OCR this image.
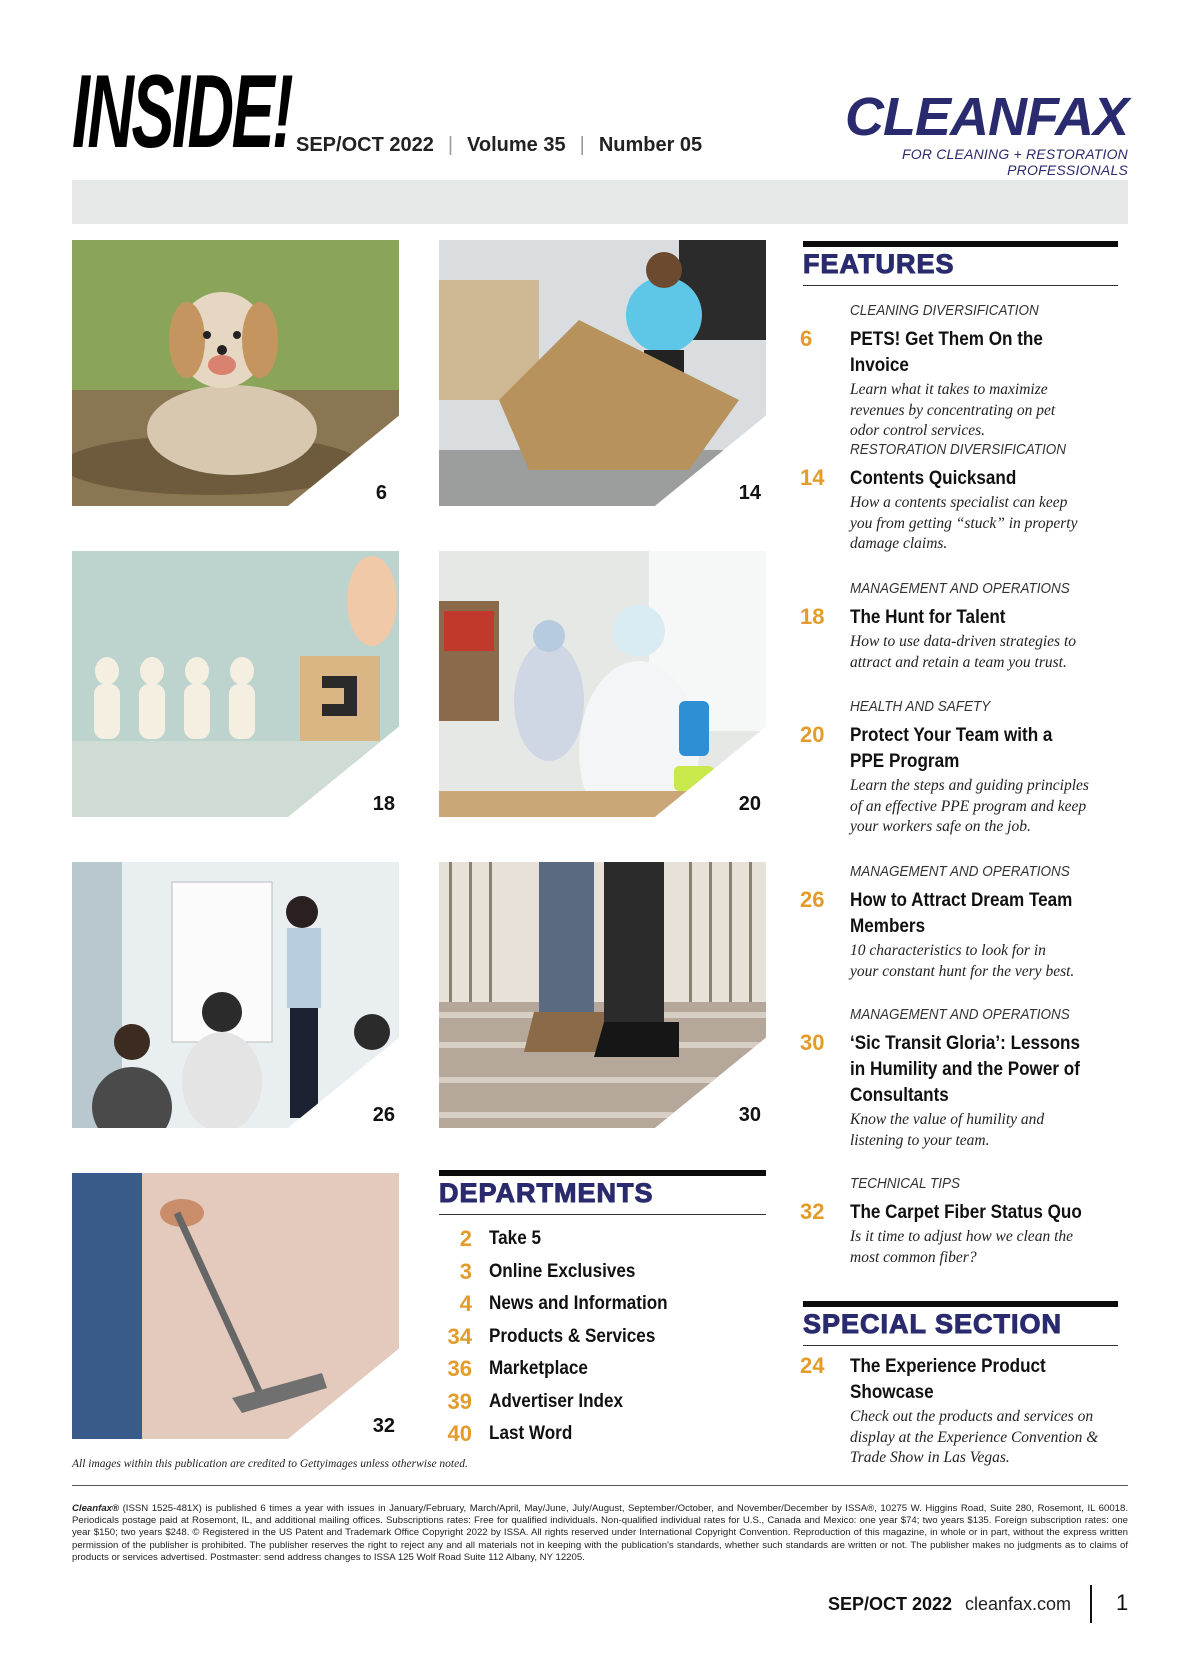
INSIDE! SEP/OCT 2022 | Volume 35 | Number 05	CLEANFAX
FOR CLEANING + RESTORATION PROFESSIONALS
6	14
18	20
26	30
32
FEATURES
CLEANING DIVERSIFICATION
6	PETS! Get Them On the Invoice
Learn what it takes to maximize
revenues by concentrating on pet
odor control services.
RESTORATION DIVERSIFICATION
14	Contents Quicksand
How a contents specialist can keep
you from getting “stuck” in property
damage claims.
MANAGEMENT AND OPERATIONS
18	The Hunt for Talent
How to use data-driven strategies to
attract and retain a team you trust.
HEALTH AND SAFETY
20	Protect Your Team with a
PPE Program
Learn the steps and guiding principles
of an effective PPE program and keep
your workers safe on the job.
MANAGEMENT AND OPERATIONS
26	How to Attract Dream Team
Members
10 characteristics to look for in
your constant hunt for the very best.
MANAGEMENT AND OPERATIONS
30	‘Sic Transit Gloria’: Lessons
in Humility and the Power of
Consultants
Know the value of humility and
listening to your team.
TECHNICAL TIPS
32	The Carpet Fiber Status Quo
Is it time to adjust how we clean the
most common fiber?
SPECIAL SECTION
24	The Experience Product Showcase
Check out the products and services on
display at the Experience Convention &
Trade Show in Las Vegas.
DEPARTMENTS
2 Take 5
3 Online Exclusives
4 News and Information
34 Products & Services
36 Marketplace
39 Advertiser Index
40 Last Word
All images within this publication are credited to Gettyimages unless otherwise noted.
Cleanfax® (ISSN 1525-481X) is published 6 times a year with issues in January/February, March/April, May/June, July/August, September/October, and November/December by ISSA®, 10275 W. Higgins Road, Suite 280, Rosemont, IL 60018. Periodicals postage paid at Rosemont, IL, and additional mailing offices. Subscriptions rates: Free for qualified individuals. Non-qualified individual rates for U.S., Canada and Mexico: one year $74; two years $135. Foreign subscription rates: one year $150; two years $248. © Registered in the US Patent and Trademark Office Copyright 2022 by ISSA. All rights reserved under International Copyright Convention. Reproduction of this magazine, in whole or in part, without the express written permission of the publisher is prohibited. The publisher reserves the right to reject any and all materials not in keeping with the publication's standards, whether such standards are written or not. The publisher makes no judgments as to claims of products or services advertised. Postmaster: send address changes to ISSA 125 Wolf Road Suite 112 Albany, NY 12205.
SEP/OCT 2022 cleanfax.com 1
